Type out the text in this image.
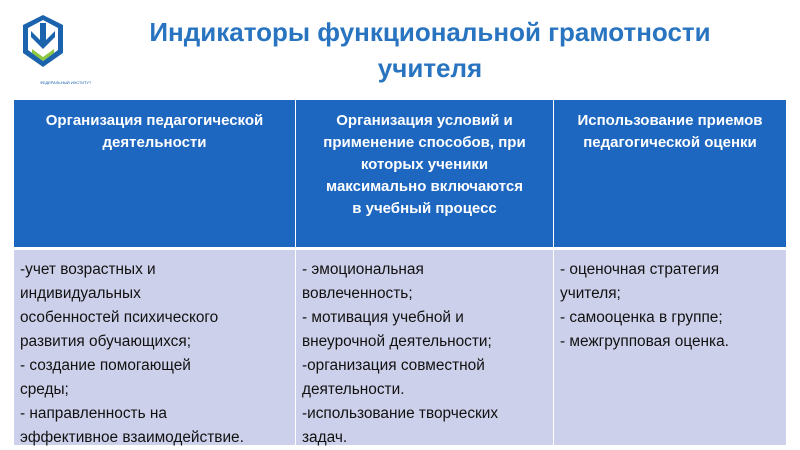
ФЕДЕРАЛЬНЫЙ ИНСТИТУТ
Индикаторы функциональной грамотности
учителя
Организация педагогической
деятельности
Организация условий и
применение способов, при
которых ученики
максимально включаются
в учебный процесс
Использование приемов
педагогической оценки
-учет возрастных и
индивидуальных
особенностей психического
развития обучающихся;
- создание помогающей
среды;
- направленность на
эффективное взаимодействие.
- эмоциональная
вовлеченность;
- мотивация учебной и
внеурочной деятельности;
-организация совместной
деятельности.
-использование творческих
задач.
- оценочная стратегия
учителя;
- самооценка в группе;
- межгрупповая оценка.
